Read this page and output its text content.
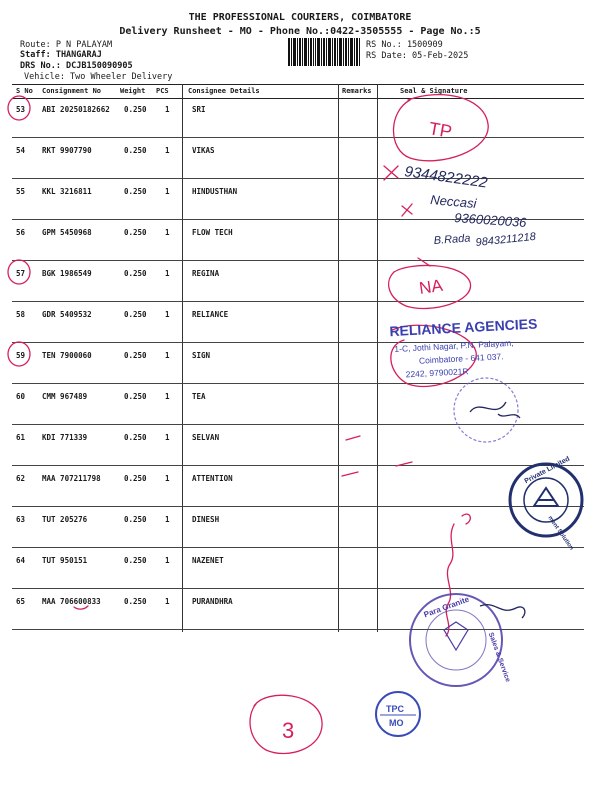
THE PROFESSIONAL COURIERS, COIMBATORE
Delivery Runsheet - MO - Phone No.:0422-3505555 - Page No.:5
Route: P N PALAYAM
Staff: THANGARAJ
DRS No.: DCJB150090905
Vehicle: Two Wheeler Delivery
RS No.: 1500909
RS Date: 05-Feb-2025
S No Consignment No	Weight PCS	Consignee Details	Remarks	Seal & Signature
53 ABI 20250182662 0.250 1	SRI
54 RKT 9907790	0.250 1	VIKAS
55 KKL 3216811	0.250 1	HINDUSTHAN
56 GPM 5450968	0.250 1	FLOW TECH
57 BGK 1986549	0.250 1	REGINA
58 GDR 5409532	0.250 1	RELIANCE
59 TEN 7900060	0.250 1	SIGN
60 CMM 967489	0.250 1	TEA
61 KDI 771339	0.250 1	SELVAN
62 MAA 707211798	0.250 1	ATTENTION
63 TUT 205276	0.250 1	DINESH
64 TUT 950151	0.250 1	NAZENET
65 MAA 706600833	0.250 1	PURANDHRA
TP
9344822222
Neccasi
9360020036
B.Rada 9843211218
NA
3
RELIANCE AGENCIES
1-C, Jothi Nagar, P.N. Palayam,
Coimbatore - 641 037.
2242, 9790021R
Private Limited
ment Solution
Para Granite
Sales & Service
TPC
MO
